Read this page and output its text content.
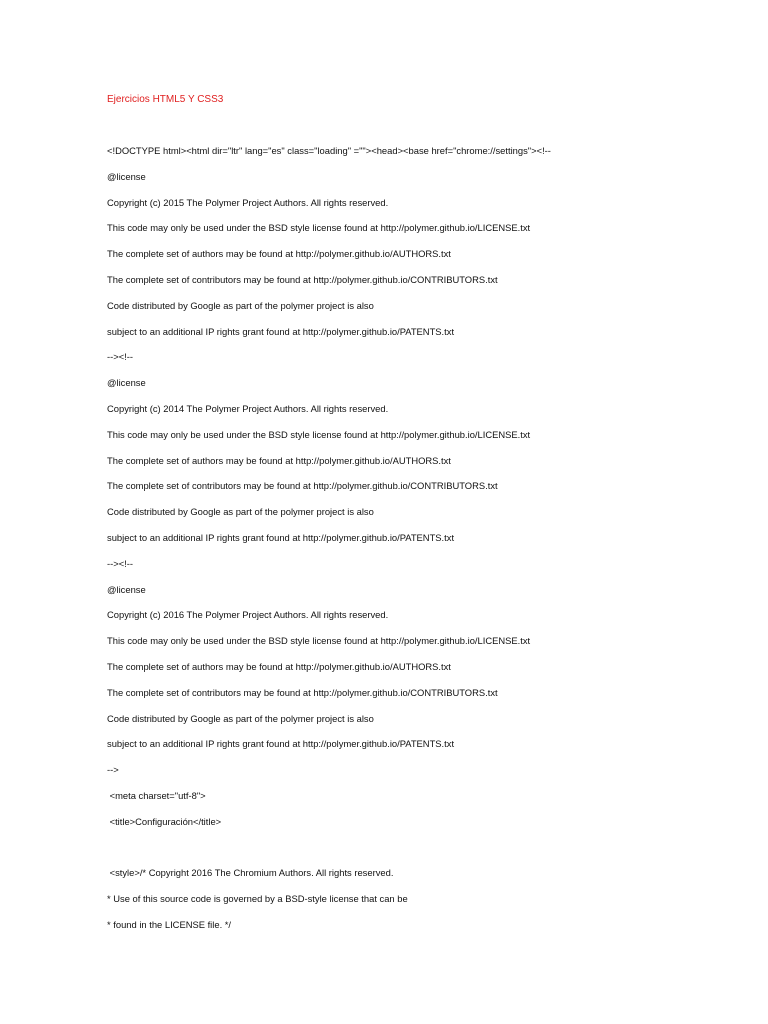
Ejercicios HTML5 Y CSS3
<!DOCTYPE html><html dir="ltr" lang="es" class="loading" =""><head><base href="chrome://settings"><!--
@license
Copyright (c) 2015 The Polymer Project Authors. All rights reserved.
This code may only be used under the BSD style license found at http://polymer.github.io/LICENSE.txt
The complete set of authors may be found at http://polymer.github.io/AUTHORS.txt
The complete set of contributors may be found at http://polymer.github.io/CONTRIBUTORS.txt
Code distributed by Google as part of the polymer project is also
subject to an additional IP rights grant found at http://polymer.github.io/PATENTS.txt
--><!--
@license
Copyright (c) 2014 The Polymer Project Authors. All rights reserved.
This code may only be used under the BSD style license found at http://polymer.github.io/LICENSE.txt
The complete set of authors may be found at http://polymer.github.io/AUTHORS.txt
The complete set of contributors may be found at http://polymer.github.io/CONTRIBUTORS.txt
Code distributed by Google as part of the polymer project is also
subject to an additional IP rights grant found at http://polymer.github.io/PATENTS.txt
--><!--
@license
Copyright (c) 2016 The Polymer Project Authors. All rights reserved.
This code may only be used under the BSD style license found at http://polymer.github.io/LICENSE.txt
The complete set of authors may be found at http://polymer.github.io/AUTHORS.txt
The complete set of contributors may be found at http://polymer.github.io/CONTRIBUTORS.txt
Code distributed by Google as part of the polymer project is also
subject to an additional IP rights grant found at http://polymer.github.io/PATENTS.txt
-->
<meta charset="utf-8">
<title>Configuración</title>
<style>/* Copyright 2016 The Chromium Authors. All rights reserved.
* Use of this source code is governed by a BSD-style license that can be
* found in the LICENSE file. */
